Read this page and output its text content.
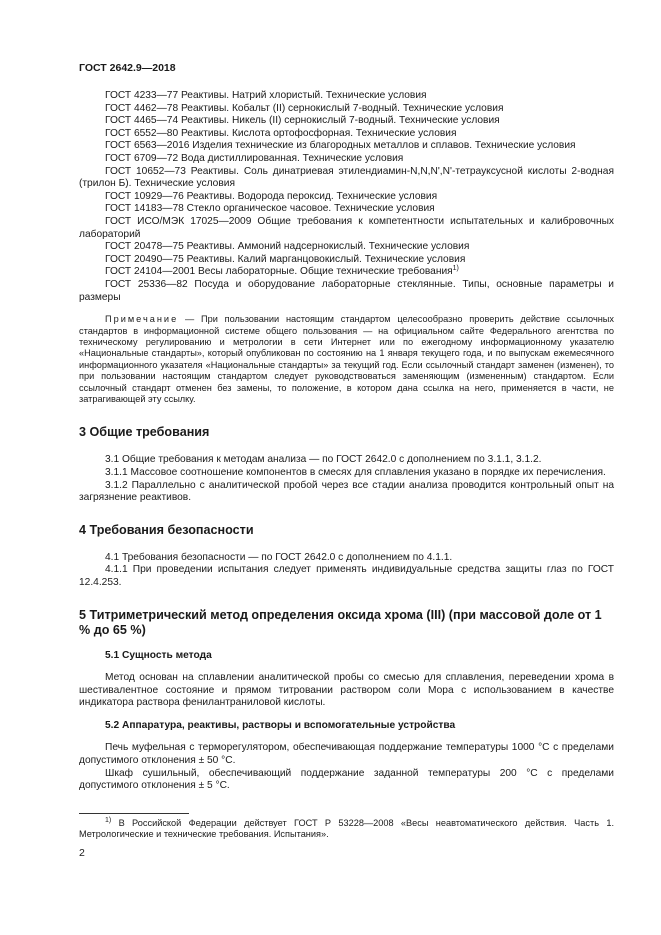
ГОСТ 2642.9—2018

ГОСТ 4233—77 Реактивы. Натрий хлористый. Технические условия

ГОСТ 4462—78 Реактивы. Кобальт (II) сернокислый 7-водный. Технические условия

ГОСТ 4465—74 Реактивы. Никель (II) сернокислый 7-водный. Технические условия

ГОСТ 6552—80 Реактивы. Кислота ортофосфорная. Технические условия

ГОСТ 6563—2016 Изделия технические из благородных металлов и сплавов. Технические условия

ГОСТ 6709—72 Вода дистиллированная. Технические условия

ГОСТ 10652—73 Реактивы. Соль динатриевая этилендиамин-N,N,N',N'-тетрауксусной кислоты 2-водная (трилон Б). Технические условия

ГОСТ 10929—76 Реактивы. Водорода пероксид. Технические условия

ГОСТ 14183—78 Стекло органическое часовое. Технические условия

ГОСТ ИСО/МЭК 17025—2009 Общие требования к компетентности испытательных и калибровочных лабораторий

ГОСТ 20478—75 Реактивы. Аммоний надсернокислый. Технические условия

ГОСТ 20490—75 Реактивы. Калий марганцовокислый. Технические условия

ГОСТ 24104—2001 Весы лабораторные. Общие технические требования$^{1)}$

ГОСТ 25336—82 Посуда и оборудование лабораторные стеклянные. Типы, основные параметры и размеры

Примечание — При пользовании настоящим стандартом целесообразно проверить действие ссылочных стандартов в информационной системе общего пользования — на официальном сайте Федерального агентства по техническому регулированию и метрологии в сети Интернет или по ежегодному информационному указателю «Национальные стандарты», который опубликован по состоянию на 1 января текущего года, и по выпускам ежемесячного информационного указателя «Национальные стандарты» за текущий год. Если ссылочный стандарт заменен (изменен), то при пользовании настоящим стандартом следует руководствоваться заменяющим (измененным) стандартом. Если ссылочный стандарт отменен без замены, то положение, в котором дана ссылка на него, применяется в части, не затрагивающей эту ссылку.

3 Общие требования

3.1 Общие требования к методам анализа — по ГОСТ 2642.0 с дополнением по 3.1.1, 3.1.2.

3.1.1 Массовое соотношение компонентов в смесях для сплавления указано в порядке их перечисления.

3.1.2 Параллельно с аналитической пробой через все стадии анализа проводится контрольный опыт на загрязнение реактивов.

4 Требования безопасности

4.1 Требования безопасности — по ГОСТ 2642.0 с дополнением по 4.1.1.

4.1.1 При проведении испытания следует применять индивидуальные средства защиты глаз по ГОСТ 12.4.253.

5 Титриметрический метод определения оксида хрома (III) (при массовой доле от 1 % до 65 %)
5.1 Сущность метода

Метод основан на сплавлении аналитической пробы со смесью для сплавления, переведении хрома в шестивалентное состояние и прямом титровании раствором соли Мора с использованием в качестве индикатора раствора фенилантраниловой кислоты.

5.2 Аппаратура, реактивы, растворы и вспомогательные устройства

Печь муфельная с терморегулятором, обеспечивающая поддержание температуры 1000 °С с пределами допустимого отклонения ± 50 °С.

Шкаф сушильный, обеспечивающий поддержание заданной температуры 200 °С с пределами допустимого отклонения ± 5 °С.

$^{1)}$ В Российской Федерации действует ГОСТ Р 53228—2008 «Весы неавтоматического действия. Часть 1. Метрологические и технические требования. Испытания».
2
